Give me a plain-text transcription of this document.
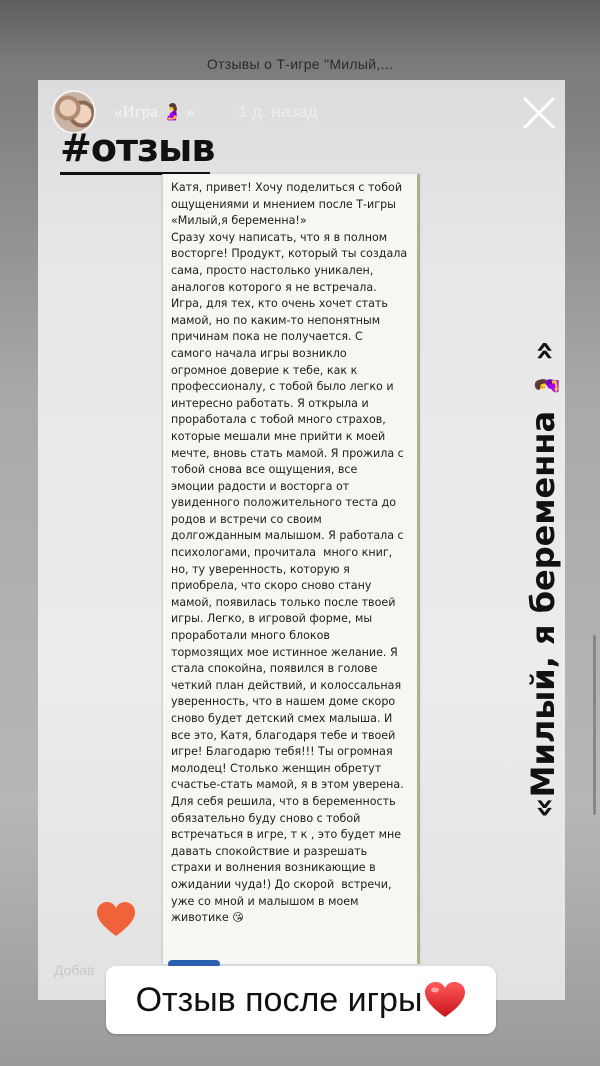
Отзывы о Т-игре "Милый,...
«Игра 🤰 »	1 д. назад
#отзыв

Катя, привет! Хочу поделиться с тобой
ощущениями и мнением после Т-игры
«Милый,я беременна!»
Сразу хочу написать, что я в полном
восторге! Продукт, который ты создала
сама, просто настолько уникален,
аналогов которого я не встречала.
Игра, для тех, кто очень хочет стать
мамой, но по каким-то непонятным
причинам пока не получается. С
самого начала игры возникло
огромное доверие к тебе, как к
профессионалу, с тобой было легко и
интересно работать. Я открыла и
проработала с тобой много страхов,
которые мешали мне прийти к моей
мечте, вновь стать мамой. Я прожила с
тобой снова все ощущения, все
эмоции радости и восторга от
увиденного положительного теста до
родов и встречи со своим
долгожданным малышом. Я работала с
психологами, прочитала  много книг,
но, ту уверенность, которую я
приобрела, что скоро сново стану
мамой, появилась только после твоей
игры. Легко, в игровой форме, мы
проработали много блоков
тормозящих мое истинное желание. Я
стала спокойна, появился в голове
четкий план действий, и колоссальная
уверенность, что в нашем доме скоро
сново будет детский смех малыша. И
все это, Катя, благодаря тебе и твоей
игре! Благодарю тебя!!! Ты огромная
молодец! Столько женщин обретут
счастье-стать мамой, я в этом уверена.
Для себя решила, что в беременность
обязательно буду сново с тобой
встречаться в игре, т к , это будет мне
давать спокойствие и разрешать
страхи и волнения возникающие в
ожидании чуда!) До скорой  встречи,
уже со мной и малышом в моем
животике 😘

«Милый, я беременна 🤰 »
Добав
Отзыв после игры
